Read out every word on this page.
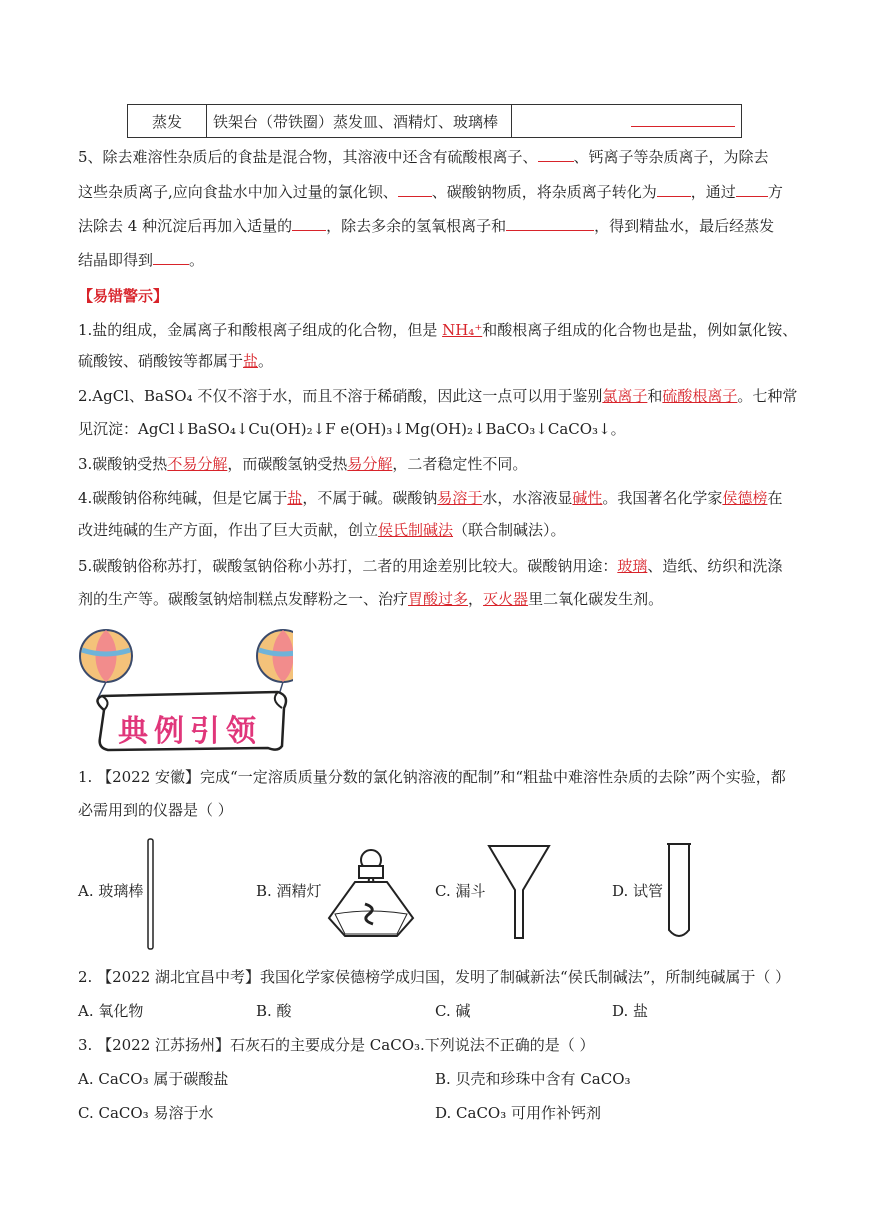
蒸发	铁架台（带铁圈）蒸发皿、酒精灯、玻璃棒	
5、除去难溶性杂质后的食盐是混合物，其溶液中还含有硫酸根离子、 、钙离子等杂质离子，为除去
这些杂质离子,应向食盐水中加入过量的氯化钡、 、碳酸钠物质，将杂质离子转化为 ，通过 方
法除去 4 种沉淀后再加入适量的 ，除去多余的氢氧根离子和	，得到精盐水，最后经蒸发
结晶即得到 。
【易错警示】
1.盐的组成，金属离子和酸根离子组成的化合物，但是 NH₄⁺和酸根离子组成的化合物也是盐，例如氯化铵、
硫酸铵、硝酸铵等都属于盐。
2.AgCl、BaSO₄ 不仅不溶于水，而且不溶于稀硝酸，因此这一点可以用于鉴别氯离子和硫酸根离子。七种常
见沉淀：AgCl↓BaSO₄↓Cu(OH)₂↓F e(OH)₃↓Mg(OH)₂↓BaCO₃↓CaCO₃↓。
3.碳酸钠受热不易分解，而碳酸氢钠受热易分解，二者稳定性不同。
4.碳酸钠俗称纯碱，但是它属于盐，不属于碱。碳酸钠易溶于水，水溶液显碱性。我国著名化学家侯德榜在
改进纯碱的生产方面，作出了巨大贡献，创立侯氏制碱法（联合制碱法）。
5.碳酸钠俗称苏打，碳酸氢钠俗称小苏打，二者的用途差别比较大。碳酸钠用途：玻璃、造纸、纺织和洗涤
剂的生产等。碳酸氢钠焙制糕点发酵粉之一、治疗胃酸过多，灭火器里二氧化碳发生剂。
典例引领
1. 【2022 安徽】完成“一定溶质质量分数的氯化钠溶液的配制”和“粗盐中难溶性杂质的去除”两个实验，都
必需用到的仪器是（ ）
A. 玻璃棒	B. 酒精灯	C. 漏斗	D. 试管
2. 【2022 湖北宜昌中考】我国化学家侯德榜学成归国，发明了制碱新法“侯氏制碱法”，所制纯碱属于（ ）
A. 氧化物	B. 酸	C. 碱	D. 盐
3. 【2022 江苏扬州】石灰石的主要成分是 CaCO₃.下列说法不正确的是（ ）
A. CaCO₃ 属于碳酸盐	B. 贝壳和珍珠中含有 CaCO₃
C. CaCO₃ 易溶于水	D. CaCO₃ 可用作补钙剂
